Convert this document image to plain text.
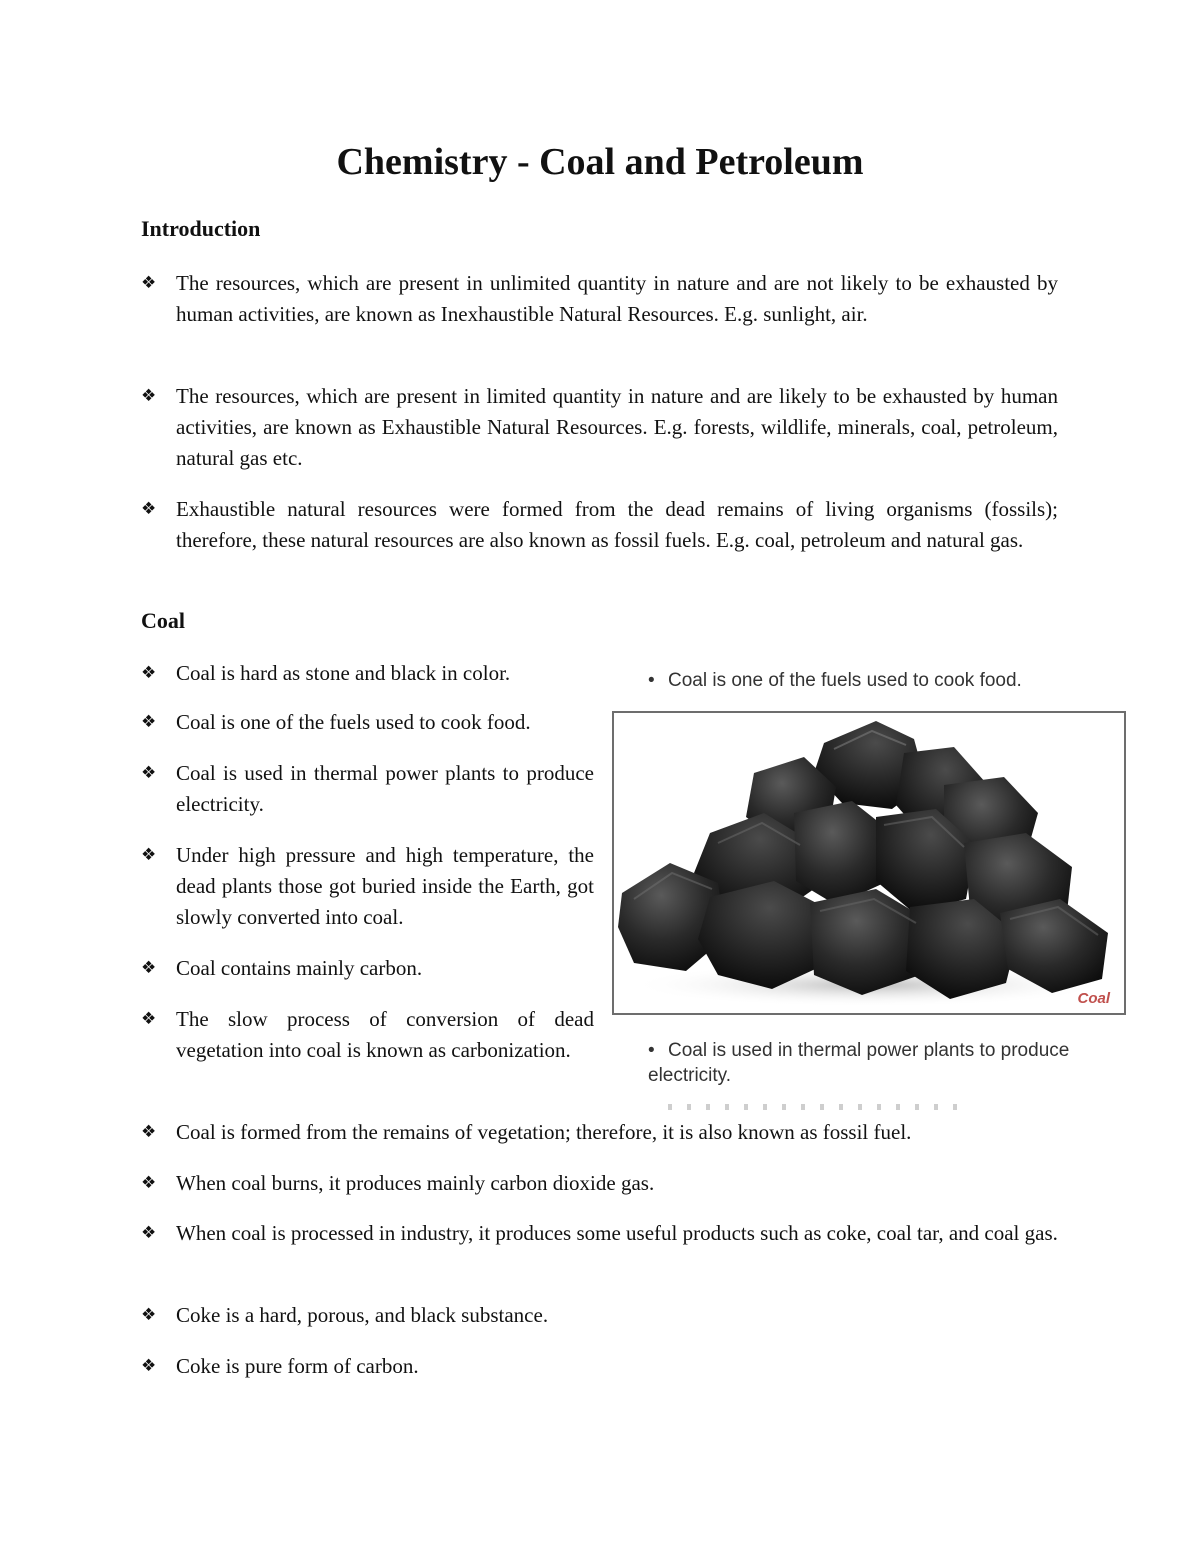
Chemistry - Coal and Petroleum
Introduction
❖ The resources, which are present in unlimited quantity in nature and are not likely to be exhausted by human activities, are known as Inexhaustible Natural Resources. E.g. sunlight, air.
❖ The resources, which are present in limited quantity in nature and are likely to be exhausted by human activities, are known as Exhaustible Natural Resources. E.g. forests, wildlife, minerals, coal, petroleum, natural gas etc.
❖ Exhaustible natural resources were formed from the dead remains of living organisms (fossils); therefore, these natural resources are also known as fossil fuels. E.g. coal, petroleum and natural gas.
Coal
❖ Coal is hard as stone and black in color.
❖ Coal is one of the fuels used to cook food.
❖ Coal is used in thermal power plants to produce electricity.
❖ Under high pressure and high temperature, the dead plants those got buried inside the Earth, got slowly converted into coal.
❖ Coal contains mainly carbon.
❖ The slow process of conversion of dead vegetation into coal is known as carbonization.
• Coal is one of the fuels used to cook food.
Coal
• Coal is used in thermal power plants to produce electricity.
❖ Coal is formed from the remains of vegetation; therefore, it is also known as fossil fuel.
❖ When coal burns, it produces mainly carbon dioxide gas.
❖ When coal is processed in industry, it produces some useful products such as coke, coal tar, and coal gas.
❖ Coke is a hard, porous, and black substance.
❖ Coke is pure form of carbon.
